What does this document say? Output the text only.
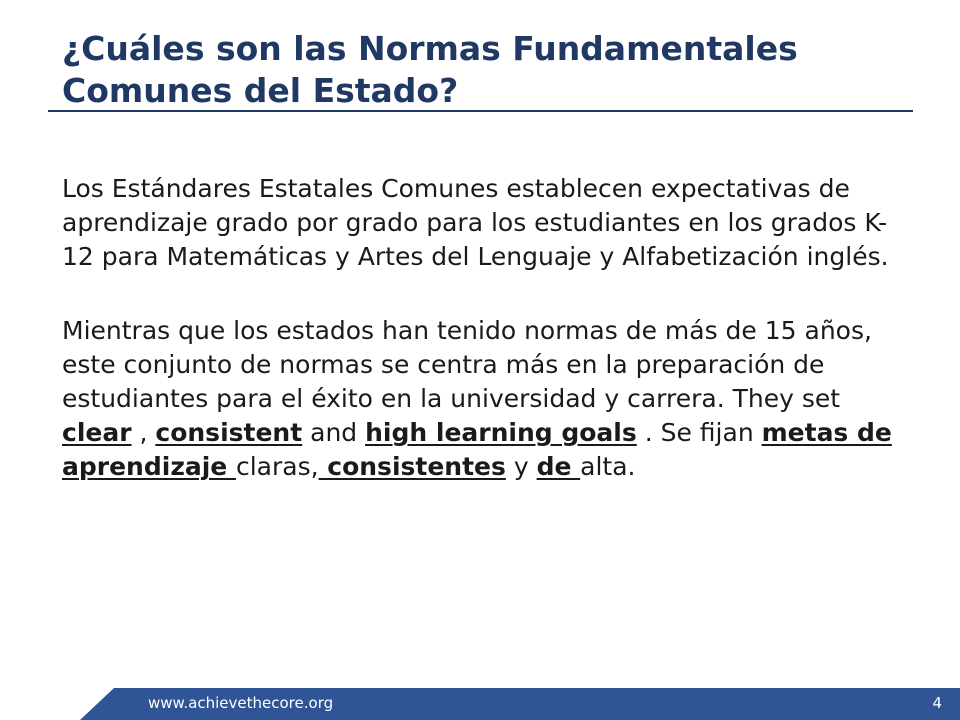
¿Cuáles son las Normas Fundamentales
Comunes del Estado?

Los Estándares Estatales Comunes establecen expectativas de aprendizaje grado por grado para los estudiantes en los grados K-12 para Matemáticas y Artes del Lenguaje y Alfabetización inglés.

Mientras que los estados han tenido normas de más de 15 años, este conjunto de normas se centra más en la preparación de estudiantes para el éxito en la universidad y carrera. They set clear , consistent and high learning goals . Se fijan metas de aprendizaje claras, consistentes y de alta.

www.achievethecore.org	4
